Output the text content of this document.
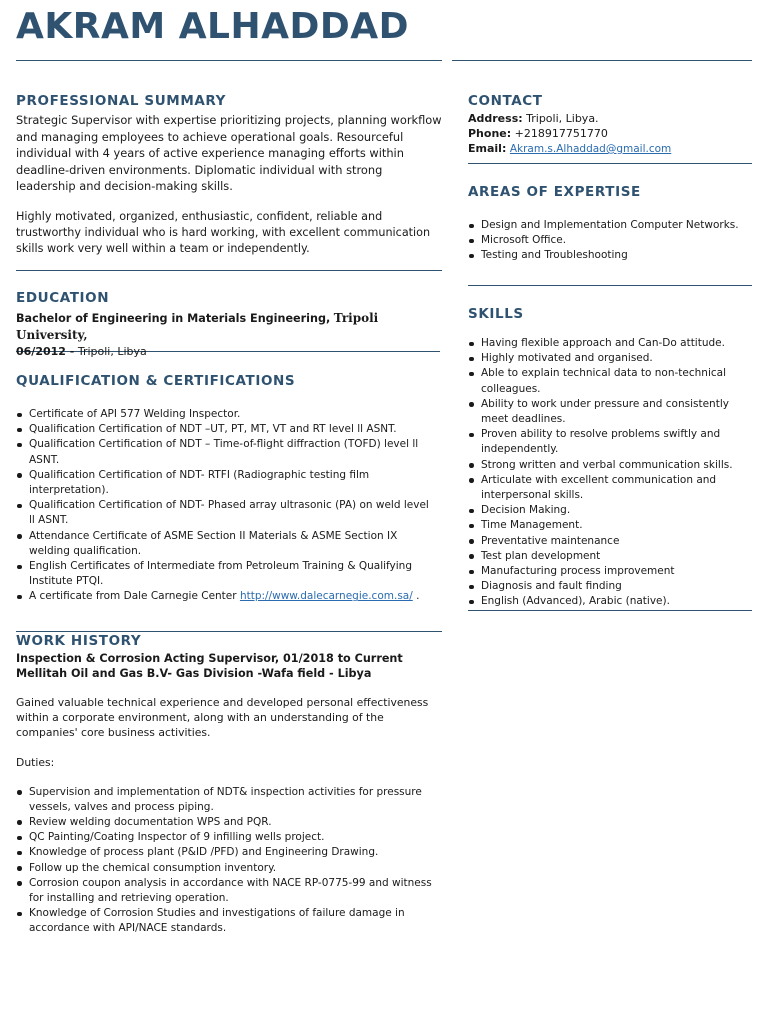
AKRAM ALHADDAD
PROFESSIONAL SUMMARY

Strategic Supervisor with expertise prioritizing projects, planning workflow and managing employees to achieve operational goals. Resourceful individual with 4 years of active experience managing efforts within deadline-driven environments. Diplomatic individual with strong leadership and decision-making skills.

Highly motivated, organized, enthusiastic, confident, reliable and trustworthy individual who is hard working, with excellent communication skills work very well within a team or independently.

EDUCATION
Bachelor of Engineering in Materials Engineering, Tripoli University,
06/2012 - Tripoli, Libya
QUALIFICATION & CERTIFICATIONS
Certificate of API 577 Welding Inspector.
Qualification Certification of NDT –UT, PT, MT, VT and RT level ll ASNT.
Qualification Certification of NDT – Time-of-flight diffraction (TOFD) level ll ASNT.
Qualification Certification of NDT- RTFI (Radiographic testing film interpretation).
Qualification Certification of NDT- Phased array ultrasonic (PA) on weld level ll ASNT.
Attendance Certificate of ASME Section II Materials & ASME Section IX welding qualification.
English Certificates of Intermediate from Petroleum Training & Qualifying Institute PTQI.
A certificate from Dale Carnegie Center http://www.dalecarnegie.com.sa/ .
WORK HISTORY
Inspection & Corrosion Acting Supervisor, 01/2018 to Current
Mellitah Oil and Gas B.V- Gas Division -Wafa field - Libya

Gained valuable technical experience and developed personal effectiveness within a corporate environment, along with an understanding of the companies' core business activities.

Duties:

Supervision and implementation of NDT& inspection activities for pressure vessels, valves and process piping.
Review welding documentation WPS and PQR.
QC Painting/Coating Inspector of 9 infilling wells project.
Knowledge of process plant (P&ID /PFD) and Engineering Drawing.
Follow up the chemical consumption inventory.
Corrosion coupon analysis in accordance with NACE RP-0775-99 and witness for installing and retrieving operation.
Knowledge of Corrosion Studies and investigations of failure damage in accordance with API/NACE standards.
CONTACT
Address: Tripoli, Libya.
Phone: +218917751770
Email: Akram.s.Alhaddad@gmail.com
AREAS OF EXPERTISE
Design and Implementation Computer Networks.
Microsoft Office.
Testing and Troubleshooting
SKILLS
Having flexible approach and Can-Do attitude.
Highly motivated and organised.
Able to explain technical data to non-technical colleagues.
Ability to work under pressure and consistently meet deadlines.
Proven ability to resolve problems swiftly and independently.
Strong written and verbal communication skills.
Articulate with excellent communication and interpersonal skills.
Decision Making.
Time Management.
Preventative maintenance
Test plan development
Manufacturing process improvement
Diagnosis and fault finding
English (Advanced), Arabic (native).
